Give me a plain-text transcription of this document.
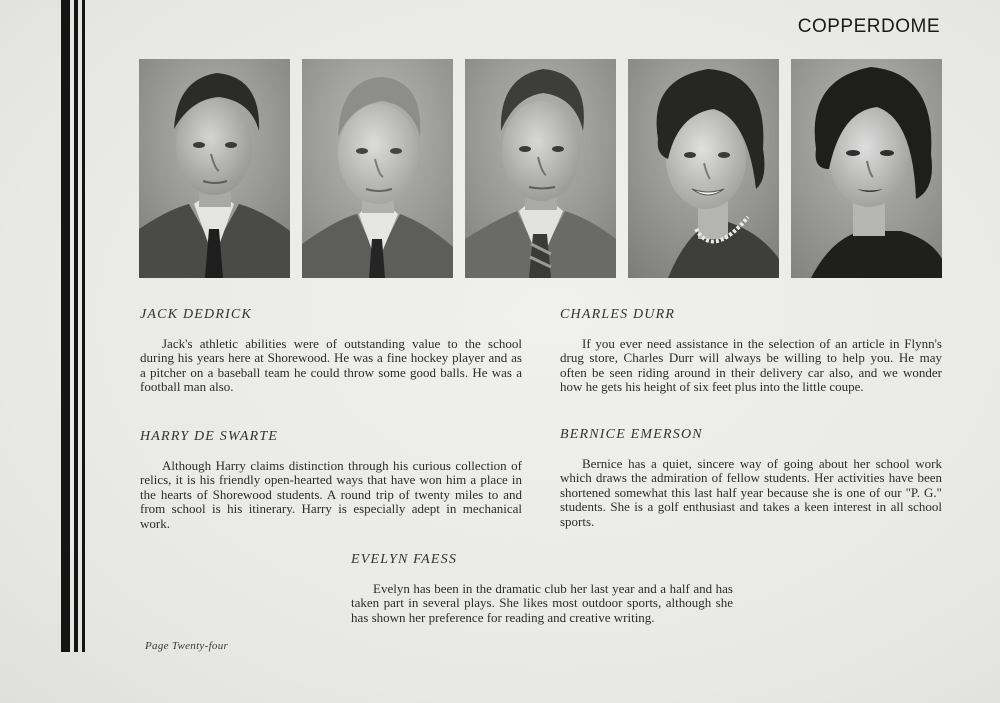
COPPERDOME
JACK DEDRICK
Jack's athletic abilities were of outstanding value to the school during his years here at Shorewood. He was a fine hockey player and as a pitcher on a baseball team he could throw some good balls. He was a football man also.
CHARLES DURR
If you ever need assistance in the selection of an article in Flynn's drug store, Charles Durr will always be willing to help you. He may often be seen riding around in their delivery car also, and we wonder how he gets his height of six feet plus into the little coupe.
HARRY DE SWARTE
Although Harry claims distinction through his curious collection of relics, it is his friendly open-hearted ways that have won him a place in the hearts of Shorewood students. A round trip of twenty miles to and from school is his itinerary. Harry is especially adept in mechanical work.
BERNICE EMERSON
Bernice has a quiet, sincere way of going about her school work which draws the admiration of fellow students. Her activities have been shortened somewhat this last half year because she is one of our "P. G." students. She is a golf enthusiast and takes a keen interest in all school sports.
EVELYN FAESS
Evelyn has been in the dramatic club her last year and a half and has taken part in several plays. She likes most outdoor sports, although she has shown her preference for reading and creative writing.
Page Twenty-four
